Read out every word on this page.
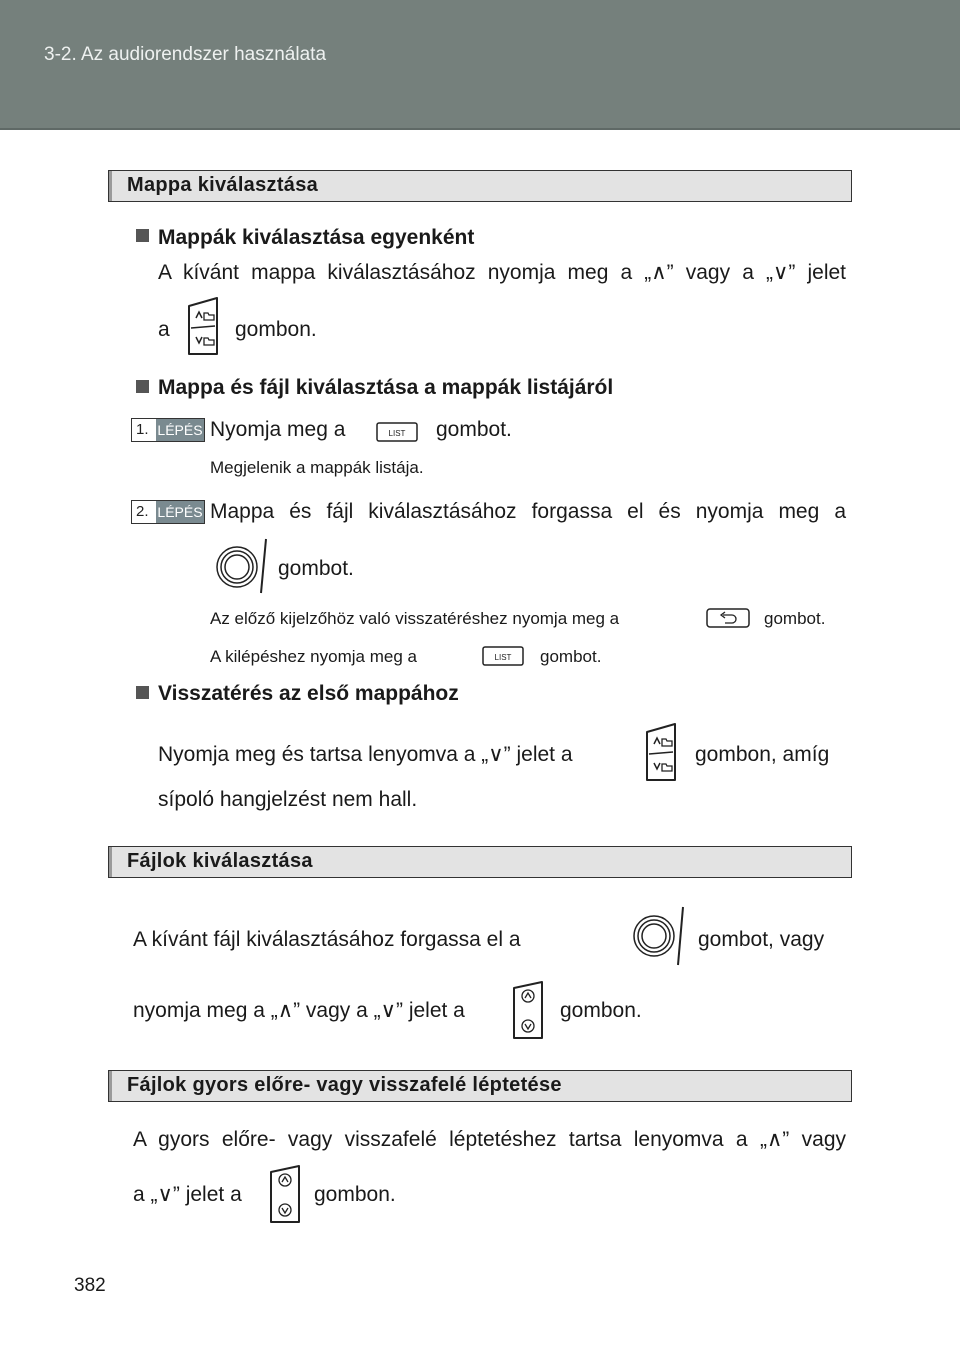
3-2. Az audiorendszer használata
Mappa kiválasztása
Mappák kiválasztása egyenként
A kívánt mappa kiválasztásához nyomja meg a „∧” vagy a „∨” jelet
a	gombon.
Mappa és fájl kiválasztása a mappák listájáról
1. LÉPÉS Nyomja meg a	LIST gombot.
Megjelenik a mappák listája.
2. LÉPÉS Mappa és fájl kiválasztásához forgassa el és nyomja meg a
gombot.
Az előző kijelzőhöz való visszatéréshez nyomja meg a	gombot.
A kilépéshez nyomja meg a	LIST gombot.
Visszatérés az első mappához
Nyomja meg és tartsa lenyomva a „∨” jelet a	gombon, amíg
sípoló hangjelzést nem hall.
Fájlok kiválasztása
A kívánt fájl kiválasztásához forgassa el a	gombot, vagy
nyomja meg a „∧” vagy a „∨” jelet a	gombon.
Fájlok gyors előre- vagy visszafelé léptetése
A gyors előre- vagy visszafelé léptetéshez tartsa lenyomva a „∧” vagy
a „∨” jelet a	gombon.
382
